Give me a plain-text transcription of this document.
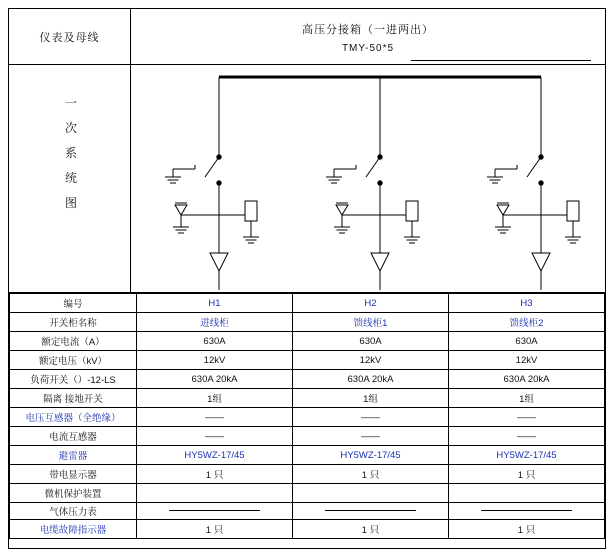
仪表及母线
高压分接箱（一进两出）
TMY-50*5
一
次
系
统
图
编号	H1	H2	H3
开关柜名称	进线柜	馈线柜1	馈线柜2
额定电流（A）	630A	630A	630A
额定电压（kV）	12kV	12kV	12kV
负荷开关（）-12-LS	630A 20kA	630A 20kA	630A 20kA
隔离 接地开关	1组	1组	1组
电压互感器（全绝缘）	——	——	——
电流互感器	——	——	——
避雷器	HY5WZ-17/45	HY5WZ-17/45	HY5WZ-17/45
带电显示器	1 只	1 只	1 只
微机保护装置			
气体压力表			
电缆故障指示器	1 只	1 只	1 只
